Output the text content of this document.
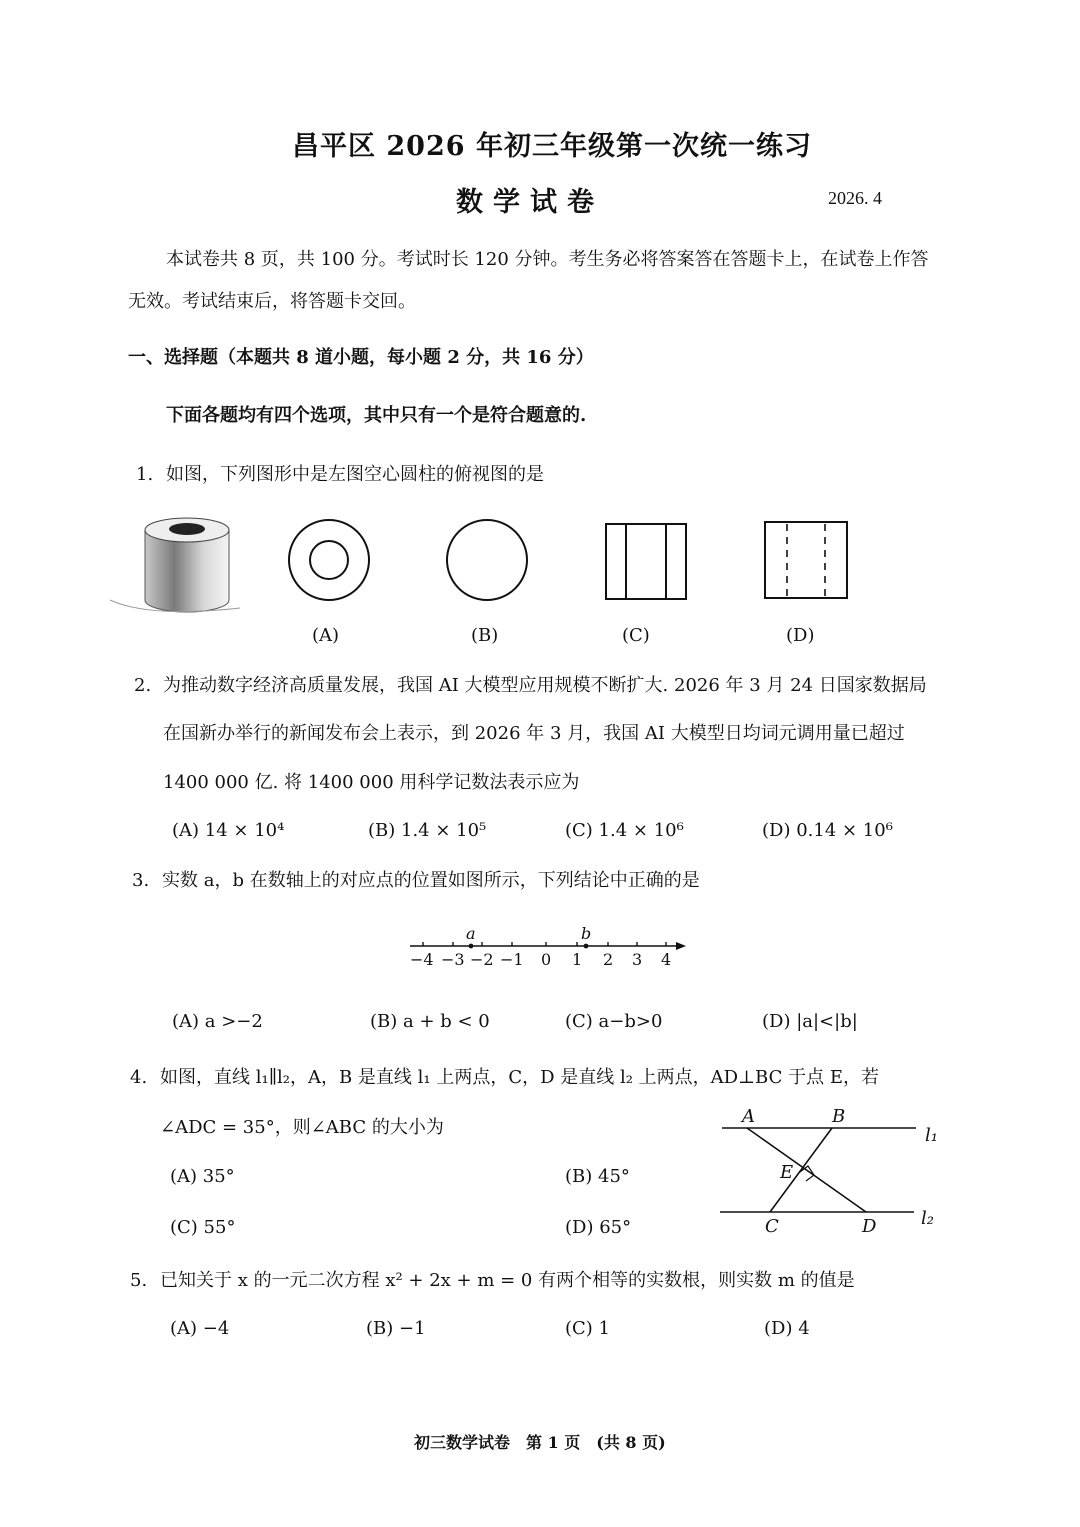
昌平区 2026 年初三年级第一次统一练习
数学试卷	2026. 4
本试卷共 8 页，共 100 分。考试时长 120 分钟。考生务必将答案答在答题卡上，在试卷上作答
无效。考试结束后，将答题卡交回。
一、选择题（本题共 8 道小题，每小题 2 分，共 16 分）
下面各题均有四个选项，其中只有一个是符合题意的.
1. 如图，下列图形中是左图空心圆柱的俯视图的是
(A)	(B)	(C)	(D)
2. 为推动数字经济高质量发展，我国 AI 大模型应用规模不断扩大. 2026 年 3 月 24 日国家数据局
在国新办举行的新闻发布会上表示，到 2026 年 3 月，我国 AI 大模型日均词元调用量已超过
1400 000 亿. 将 1400 000 用科学记数法表示应为
(A) 14 × 10⁴	(B) 1.4 × 10⁵	(C) 1.4 × 10⁶	(D) 0.14 × 10⁶
3. 实数 a，b 在数轴上的对应点的位置如图所示，下列结论中正确的是
a	b
−4 −3 −2 −1 0 1 2 3 4
(A) a >−2	(B) a + b < 0	(C) a−b>0	(D) |a|<|b|
4. 如图，直线 l₁∥l₂，A，B 是直线 l₁ 上两点，C，D 是直线 l₂ 上两点，AD⊥BC 于点 E，若
∠ADC = 35°，则∠ABC 的大小为
(A) 35°	(B) 45°
(C) 55°	(D) 65°
A	B
E
C	D
l₁
l₂
5. 已知关于 x 的一元二次方程 x² + 2x + m = 0 有两个相等的实数根，则实数 m 的值是
(A) −4	(B) −1	(C) 1	(D) 4
初三数学试卷　第 1 页　(共 8 页)
